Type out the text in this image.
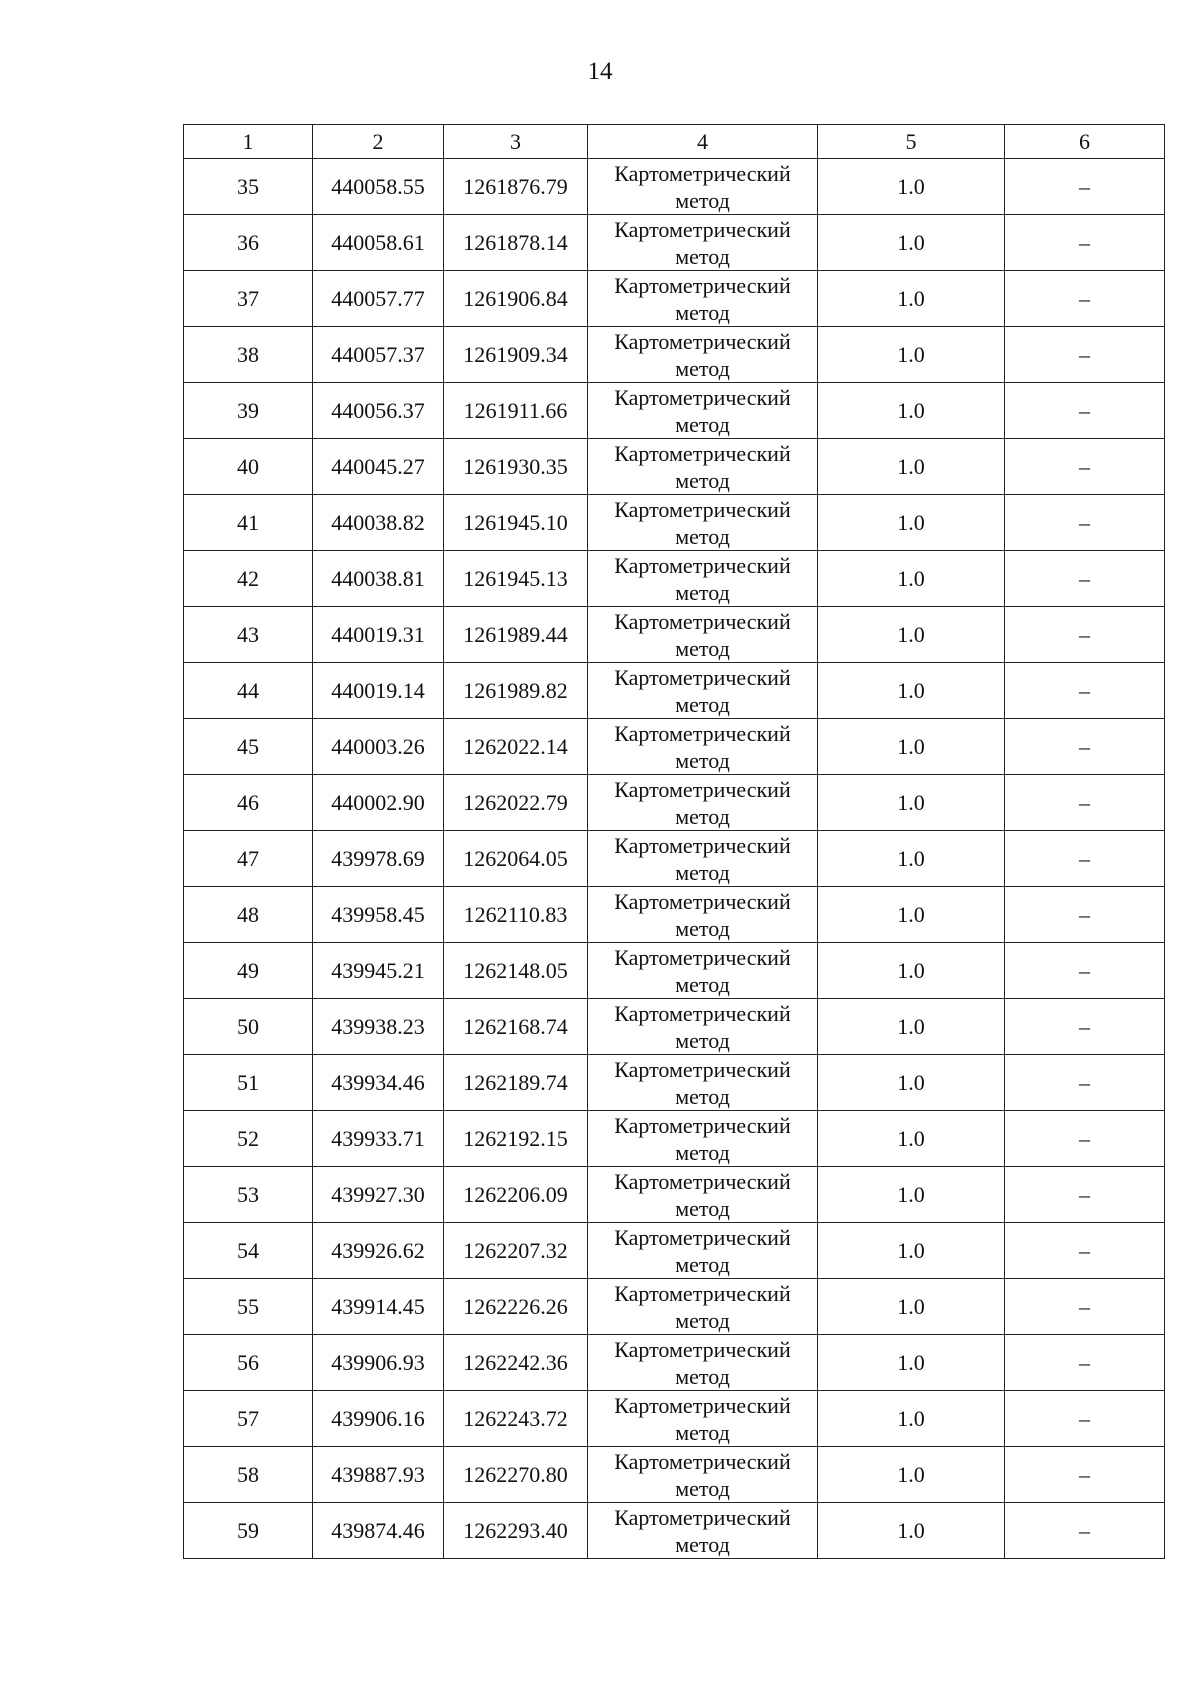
14
1	2	3	4	5	6
35	440058.55	1261876.79	Картометрический
метод	1.0	–
36	440058.61	1261878.14	Картометрический
метод	1.0	–
37	440057.77	1261906.84	Картометрический
метод	1.0	–
38	440057.37	1261909.34	Картометрический
метод	1.0	–
39	440056.37	1261911.66	Картометрический
метод	1.0	–
40	440045.27	1261930.35	Картометрический
метод	1.0	–
41	440038.82	1261945.10	Картометрический
метод	1.0	–
42	440038.81	1261945.13	Картометрический
метод	1.0	–
43	440019.31	1261989.44	Картометрический
метод	1.0	–
44	440019.14	1261989.82	Картометрический
метод	1.0	–
45	440003.26	1262022.14	Картометрический
метод	1.0	–
46	440002.90	1262022.79	Картометрический
метод	1.0	–
47	439978.69	1262064.05	Картометрический
метод	1.0	–
48	439958.45	1262110.83	Картометрический
метод	1.0	–
49	439945.21	1262148.05	Картометрический
метод	1.0	–
50	439938.23	1262168.74	Картометрический
метод	1.0	–
51	439934.46	1262189.74	Картометрический
метод	1.0	–
52	439933.71	1262192.15	Картометрический
метод	1.0	–
53	439927.30	1262206.09	Картометрический
метод	1.0	–
54	439926.62	1262207.32	Картометрический
метод	1.0	–
55	439914.45	1262226.26	Картометрический
метод	1.0	–
56	439906.93	1262242.36	Картометрический
метод	1.0	–
57	439906.16	1262243.72	Картометрический
метод	1.0	–
58	439887.93	1262270.80	Картометрический
метод	1.0	–
59	439874.46	1262293.40	Картометрический
метод	1.0	–
